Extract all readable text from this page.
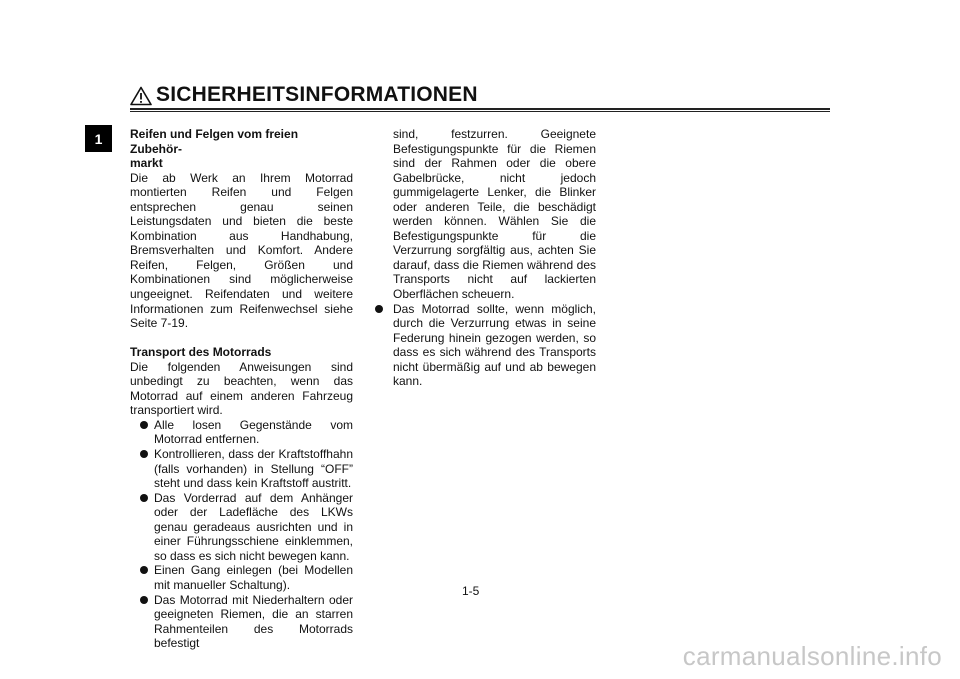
SICHERHEITSINFORMATIONEN
1	Reifen und Felgen vom freien Zubehör-
markt

Die ab Werk an Ihrem Motorrad montierten Reifen und Felgen entsprechen genau seinen Leistungsdaten und bieten die beste Kombination aus Handhabung, Bremsverhalten und Komfort. Andere Reifen, Felgen, Größen und Kombinationen sind möglicherweise ungeeignet. Reifendaten und weitere Informationen zum Reifenwechsel siehe Seite 7-19.

Transport des Motorrads

Die folgenden Anweisungen sind unbedingt zu beachten, wenn das Motorrad auf einem anderen Fahrzeug transportiert wird.

Alle losen Gegenstände vom Motorrad entfernen.
Kontrollieren, dass der Kraftstoffhahn (falls vorhanden) in Stellung “OFF” steht und dass kein Kraftstoff austritt.
Das Vorderrad auf dem Anhänger oder der Ladefläche des LKWs genau geradeaus ausrichten und in einer Führungsschiene einklemmen, so dass es sich nicht bewegen kann.
Einen Gang einlegen (bei Modellen mit manueller Schaltung).
Das Motorrad mit Niederhaltern oder geeigneten Riemen, die an starren Rahmenteilen des Motorrads befestigt

sind, festzurren. Geeignete Befestigungspunkte für die Riemen sind der Rahmen oder die obere Gabelbrücke, nicht jedoch gummigelagerte Lenker, die Blinker oder anderen Teile, die beschädigt werden können. Wählen Sie die Befestigungspunkte für die Verzurrung sorgfältig aus, achten Sie darauf, dass die Riemen während des Transports nicht auf lackierten Oberflächen scheuern.

Das Motorrad sollte, wenn möglich, durch die Verzurrung etwas in seine Federung hinein gezogen werden, so dass es sich während des Transports nicht übermäßig auf und ab bewegen kann.
1-5
carmanualsonline.info
